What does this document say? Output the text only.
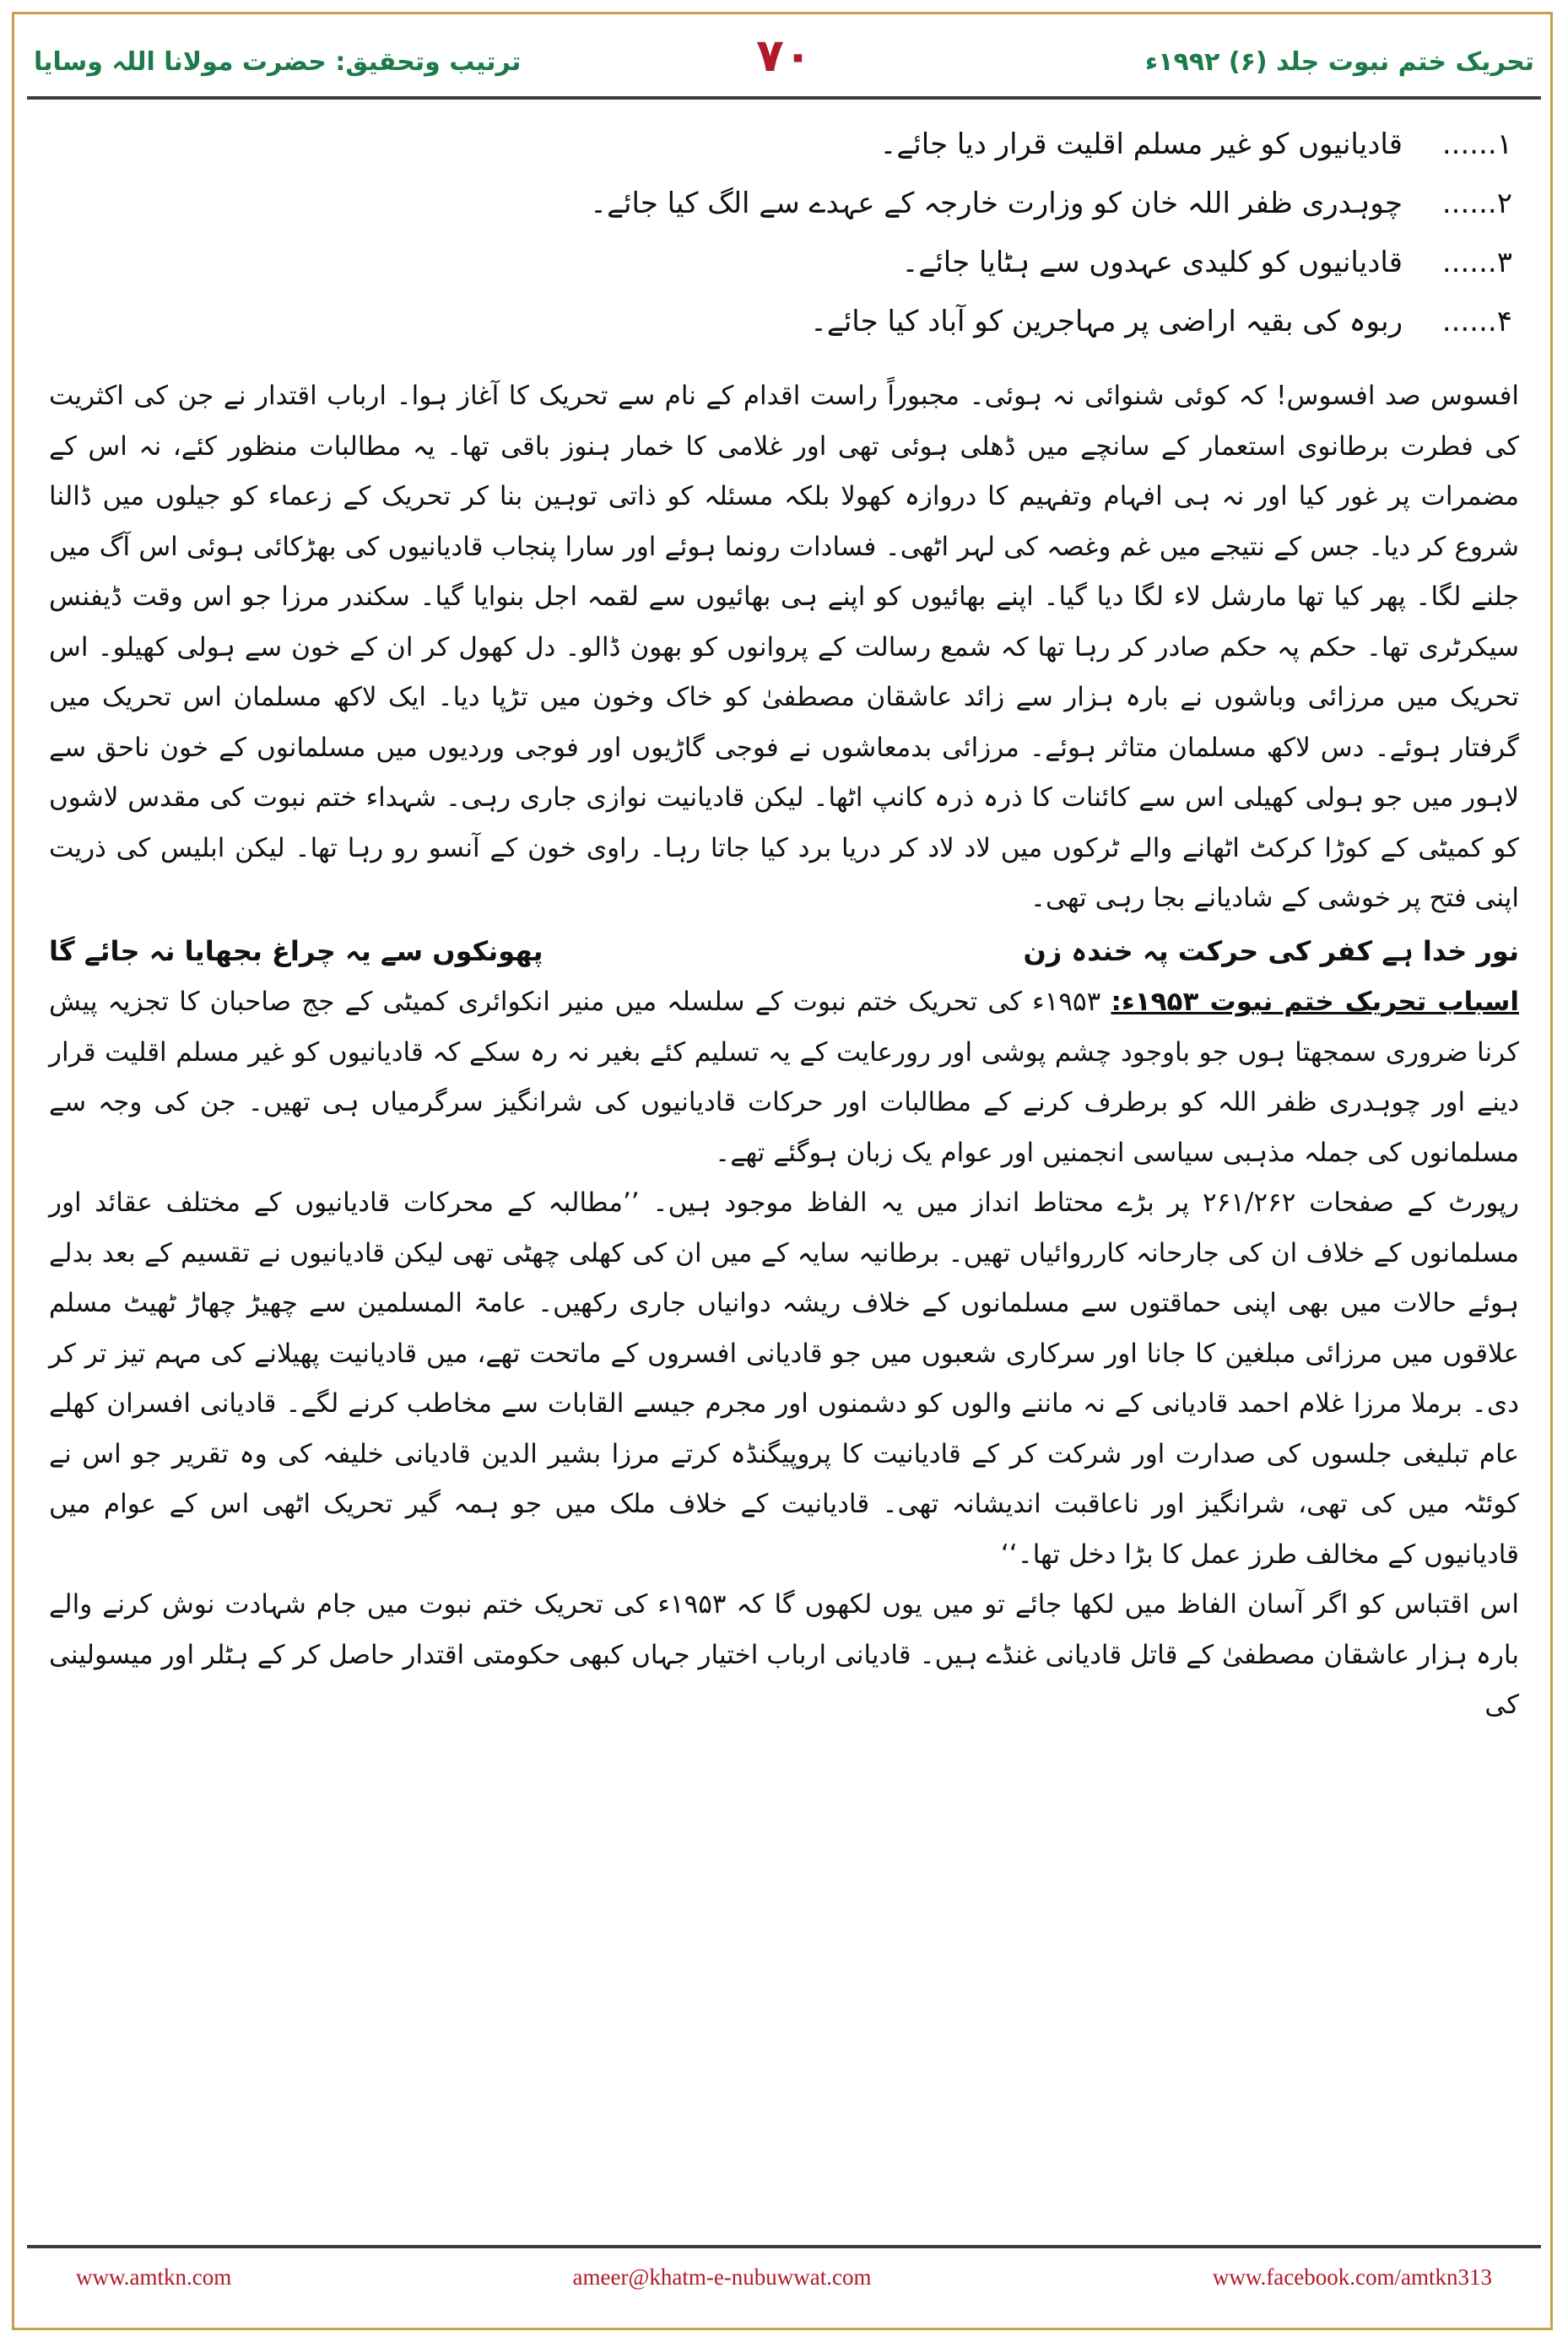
تحریک ختم نبوت جلد (۶) ۱۹۹۲ء
۷۰
ترتیب وتحقیق: حضرت مولانا اللہ وسایا
۱......
قادیانیوں کو غیر مسلم اقلیت قرار دیا جائے۔
۲......
چوہدری ظفر اللہ خان کو وزارت خارجہ کے عہدے سے الگ کیا جائے۔
۳......
قادیانیوں کو کلیدی عہدوں سے ہٹایا جائے۔
۴......
ربوہ کی بقیہ اراضی پر مہاجرین کو آباد کیا جائے۔

افسوس صد افسوس! کہ کوئی شنوائی نہ ہوئی۔ مجبوراً راست اقدام کے نام سے تحریک کا آغاز ہوا۔ ارباب اقتدار نے جن کی اکثریت کی فطرت برطانوی استعمار کے سانچے میں ڈھلی ہوئی تھی اور غلامی کا خمار ہنوز باقی تھا۔ یہ مطالبات منظور کئے، نہ اس کے مضمرات پر غور کیا اور نہ ہی افہام وتفہیم کا دروازہ کھولا بلکہ مسئلہ کو ذاتی توہین بنا کر تحریک کے زعماء کو جیلوں میں ڈالنا شروع کر دیا۔ جس کے نتیجے میں غم وغصہ کی لہر اٹھی۔ فسادات رونما ہوئے اور سارا پنجاب قادیانیوں کی بھڑکائی ہوئی اس آگ میں جلنے لگا۔ پھر کیا تھا مارشل لاء لگا دیا گیا۔ اپنے بھائیوں کو اپنے ہی بھائیوں سے لقمہ اجل بنوایا گیا۔ سکندر مرزا جو اس وقت ڈیفنس سیکرٹری تھا۔ حکم پہ حکم صادر کر رہا تھا کہ شمع رسالت کے پروانوں کو بھون ڈالو۔ دل کھول کر ان کے خون سے ہولی کھیلو۔ اس تحریک میں مرزائی وباشوں نے بارہ ہزار سے زائد عاشقان مصطفیٰ کو خاک وخون میں تڑپا دیا۔ ایک لاکھ مسلمان اس تحریک میں گرفتار ہوئے۔ دس لاکھ مسلمان متاثر ہوئے۔ مرزائی بدمعاشوں نے فوجی گاڑیوں اور فوجی وردیوں میں مسلمانوں کے خون ناحق سے لاہور میں جو ہولی کھیلی اس سے کائنات کا ذرہ ذرہ کانپ اٹھا۔ لیکن قادیانیت نوازی جاری رہی۔ شہداء ختم نبوت کی مقدس لاشوں کو کمیٹی کے کوڑا کرکٹ اٹھانے والے ٹرکوں میں لاد لاد کر دریا برد کیا جاتا رہا۔ راوی خون کے آنسو رو رہا تھا۔ لیکن ابلیس کی ذریت اپنی فتح پر خوشی کے شادیانے بجا رہی تھی۔

نور خدا ہے کفر کی حرکت پہ خندہ زن
پھونکوں سے یہ چراغ بجھایا نہ جائے گا

اسباب تحریک ختم نبوت ۱۹۵۳ء: ۱۹۵۳ء کی تحریک ختم نبوت کے سلسلہ میں منیر انکوائری کمیٹی کے جج صاحبان کا تجزیہ پیش کرنا ضروری سمجھتا ہوں جو باوجود چشم پوشی اور رورعایت کے یہ تسلیم کئے بغیر نہ رہ سکے کہ قادیانیوں کو غیر مسلم اقلیت قرار دینے اور چوہدری ظفر اللہ کو برطرف کرنے کے مطالبات اور حرکات قادیانیوں کی شرانگیز سرگرمیاں ہی تھیں۔ جن کی وجہ سے مسلمانوں کی جملہ مذہبی سیاسی انجمنیں اور عوام یک زبان ہوگئے تھے۔

رپورٹ کے صفحات ۲۶۱/۲۶۲ پر بڑے محتاط انداز میں یہ الفاظ موجود ہیں۔ ’’مطالبہ کے محرکات قادیانیوں کے مختلف عقائد اور مسلمانوں کے خلاف ان کی جارحانہ کارروائیاں تھیں۔ برطانیہ سایہ کے میں ان کی کھلی چھٹی تھی لیکن قادیانیوں نے تقسیم کے بعد بدلے ہوئے حالات میں بھی اپنی حماقتوں سے مسلمانوں کے خلاف ریشہ دوانیاں جاری رکھیں۔ عامۃ المسلمین سے چھیڑ چھاڑ ٹھیٹ مسلم علاقوں میں مرزائی مبلغین کا جانا اور سرکاری شعبوں میں جو قادیانی افسروں کے ماتحت تھے، میں قادیانیت پھیلانے کی مہم تیز تر کر دی۔ برملا مرزا غلام احمد قادیانی کے نہ ماننے والوں کو دشمنوں اور مجرم جیسے القابات سے مخاطب کرنے لگے۔ قادیانی افسران کھلے عام تبلیغی جلسوں کی صدارت اور شرکت کر کے قادیانیت کا پروپیگنڈہ کرتے مرزا بشیر الدین قادیانی خلیفہ کی وہ تقریر جو اس نے کوئٹہ میں کی تھی، شرانگیز اور ناعاقبت اندیشانہ تھی۔ قادیانیت کے خلاف ملک میں جو ہمہ گیر تحریک اٹھی اس کے عوام میں قادیانیوں کے مخالف طرز عمل کا بڑا دخل تھا۔‘‘

اس اقتباس کو اگر آسان الفاظ میں لکھا جائے تو میں یوں لکھوں گا کہ ۱۹۵۳ء کی تحریک ختم نبوت میں جام شہادت نوش کرنے والے بارہ ہزار عاشقان مصطفیٰ کے قاتل قادیانی غنڈے ہیں۔ قادیانی ارباب اختیار جہاں کبھی حکومتی اقتدار حاصل کر کے ہٹلر اور میسولینی کی

www.amtkn.com	ameer@khatm-e-nubuwwat.com	www.facebook.com/amtkn313
